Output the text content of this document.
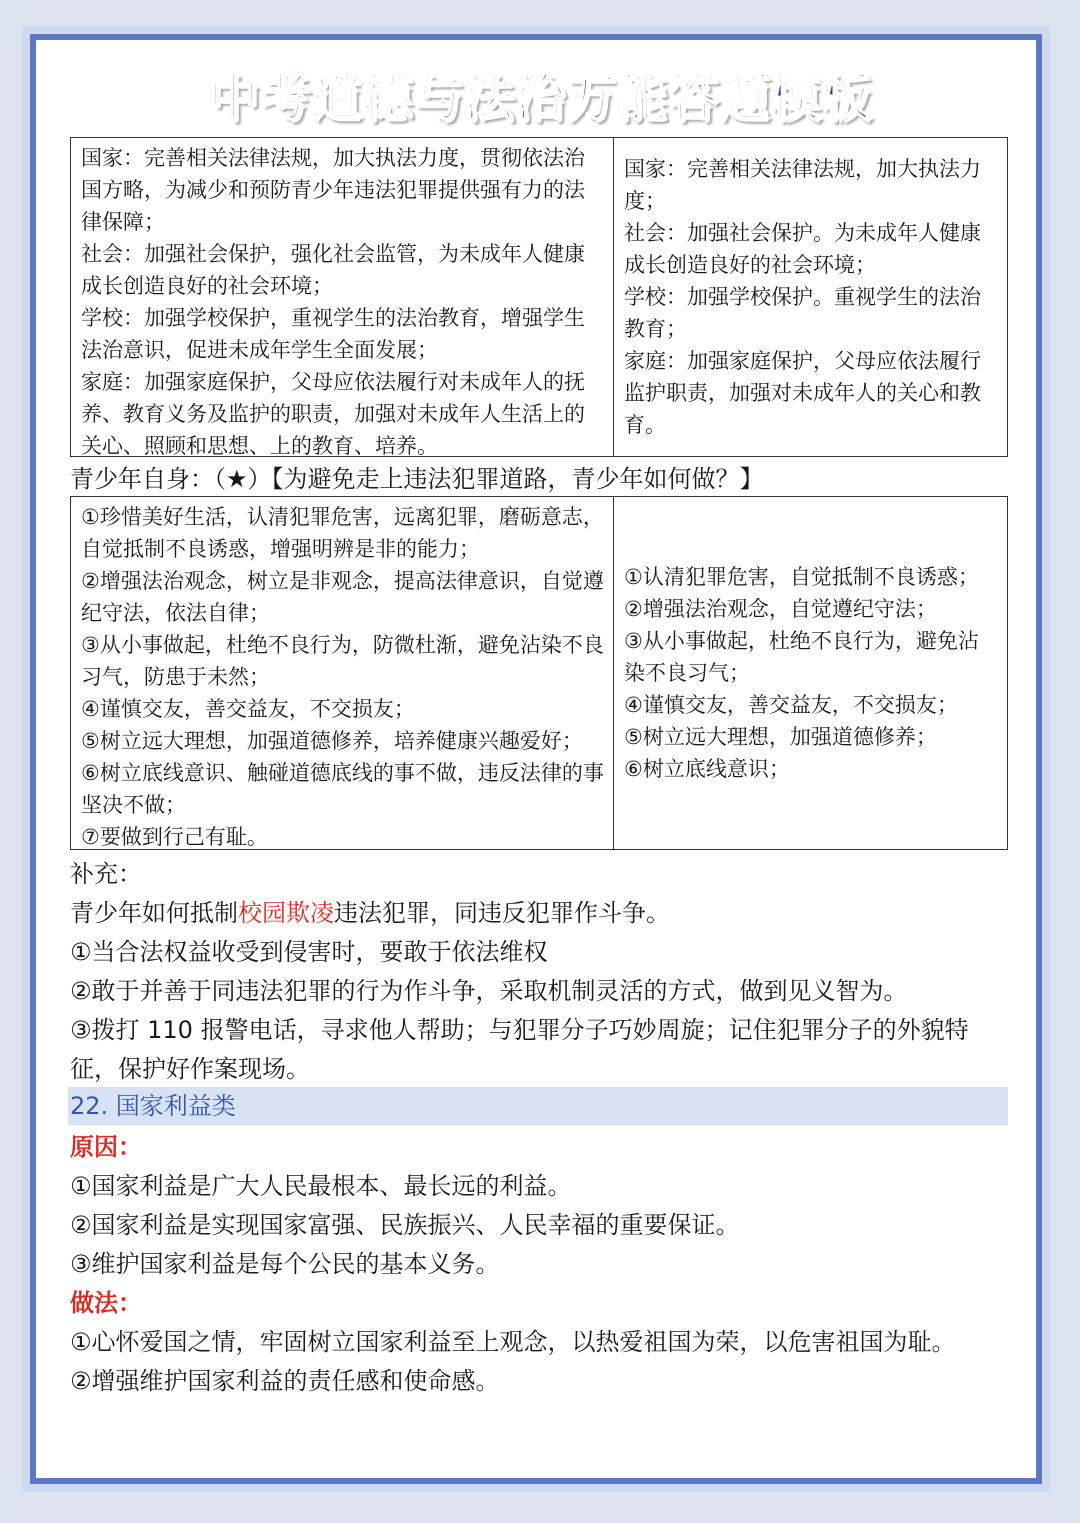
中考道德与法治万能答题模板

国家：完善相关法律法规，加大执法力度，贯彻依法治国方略，为减少和预防青少年违法犯罪提供强有力的法律保障；

社会：加强社会保护，强化社会监管，为未成年人健康成长创造良好的社会环境；

学校：加强学校保护，重视学生的法治教育，增强学生法治意识，促进未成年学生全面发展；

家庭：加强家庭保护，父母应依法履行对未成年人的抚养、教育义务及监护的职责，加强对未成年人生活上的关心、照顾和思想、上的教育、培养。

国家：完善相关法律法规，加大执法力度；

社会：加强社会保护。为未成年人健康成长创造良好的社会环境；

学校：加强学校保护。重视学生的法治教育；

家庭：加强家庭保护，父母应依法履行监护职责，加强对未成年人的关心和教育。

青少年自身：（★）【为避免走上违法犯罪道路，青少年如何做？】

①珍惜美好生活，认清犯罪危害，远离犯罪，磨砺意志，自觉抵制不良诱惑，增强明辨是非的能力；

②增强法治观念，树立是非观念，提高法律意识，自觉遵纪守法，依法自律；

③从小事做起，杜绝不良行为，防微杜渐，避免沾染不良习气，防患于未然；

④谨慎交友，善交益友，不交损友；

⑤树立远大理想，加强道德修养，培养健康兴趣爱好；

⑥树立底线意识、触碰道德底线的事不做，违反法律的事坚决不做；

⑦要做到行己有耻。

①认清犯罪危害，自觉抵制不良诱惑；

②增强法治观念，自觉遵纪守法；

③从小事做起，杜绝不良行为，避免沾染不良习气；

④谨慎交友，善交益友，不交损友；

⑤树立远大理想，加强道德修养；

⑥树立底线意识；

补充：

青少年如何抵制校园欺凌违法犯罪，同违反犯罪作斗争。

①当合法权益收受到侵害时，要敢于依法维权

②敢于并善于同违法犯罪的行为作斗争，采取机制灵活的方式，做到见义智为。

③拨打 110 报警电话，寻求他人帮助；与犯罪分子巧妙周旋；记住犯罪分子的外貌特征，保护好作案现场。

22. 国家利益类

原因：

①国家利益是广大人民最根本、最长远的利益。

②国家利益是实现国家富强、民族振兴、人民幸福的重要保证。

③维护国家利益是每个公民的基本义务。

做法：

①心怀爱国之情，牢固树立国家利益至上观念，以热爱祖国为荣，以危害祖国为耻。

②增强维护国家利益的责任感和使命感。
